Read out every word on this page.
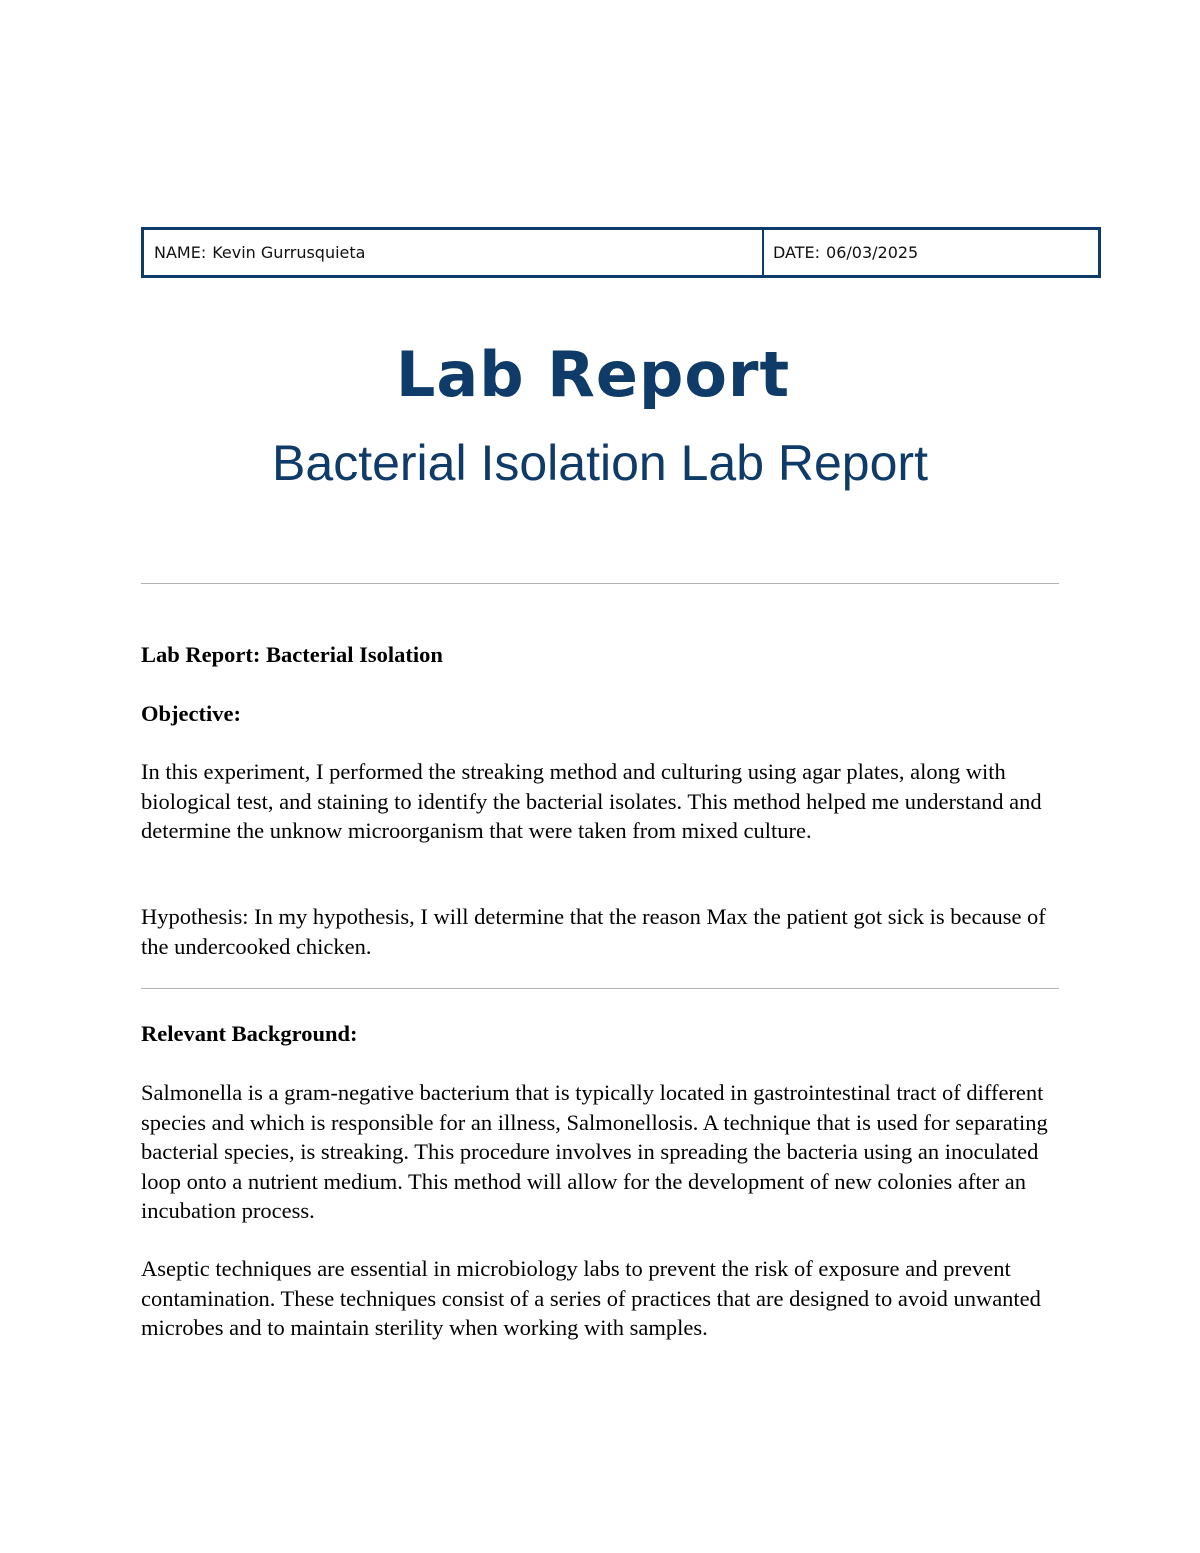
NAME: Kevin Gurrusquieta	DATE: 06/03/2025
Lab Report
Bacterial Isolation Lab Report

Lab Report: Bacterial Isolation

Objective:

In this experiment, I performed the streaking method and culturing using agar plates, along with biological test, and staining to identify the bacterial isolates. This method helped me understand and determine the unknow microorganism that were taken from mixed culture.

Hypothesis: In my hypothesis, I will determine that the reason Max the patient got sick is because of the undercooked chicken.

Relevant Background:

Salmonella is a gram-negative bacterium that is typically located in gastrointestinal tract of different species and which is responsible for an illness, Salmonellosis. A technique that is used for separating bacterial species, is streaking. This procedure involves in spreading the bacteria using an inoculated loop onto a nutrient medium. This method will allow for the development of new colonies after an incubation process.

Aseptic techniques are essential in microbiology labs to prevent the risk of exposure and prevent contamination. These techniques consist of a series of practices that are designed to avoid unwanted microbes and to maintain sterility when working with samples.
